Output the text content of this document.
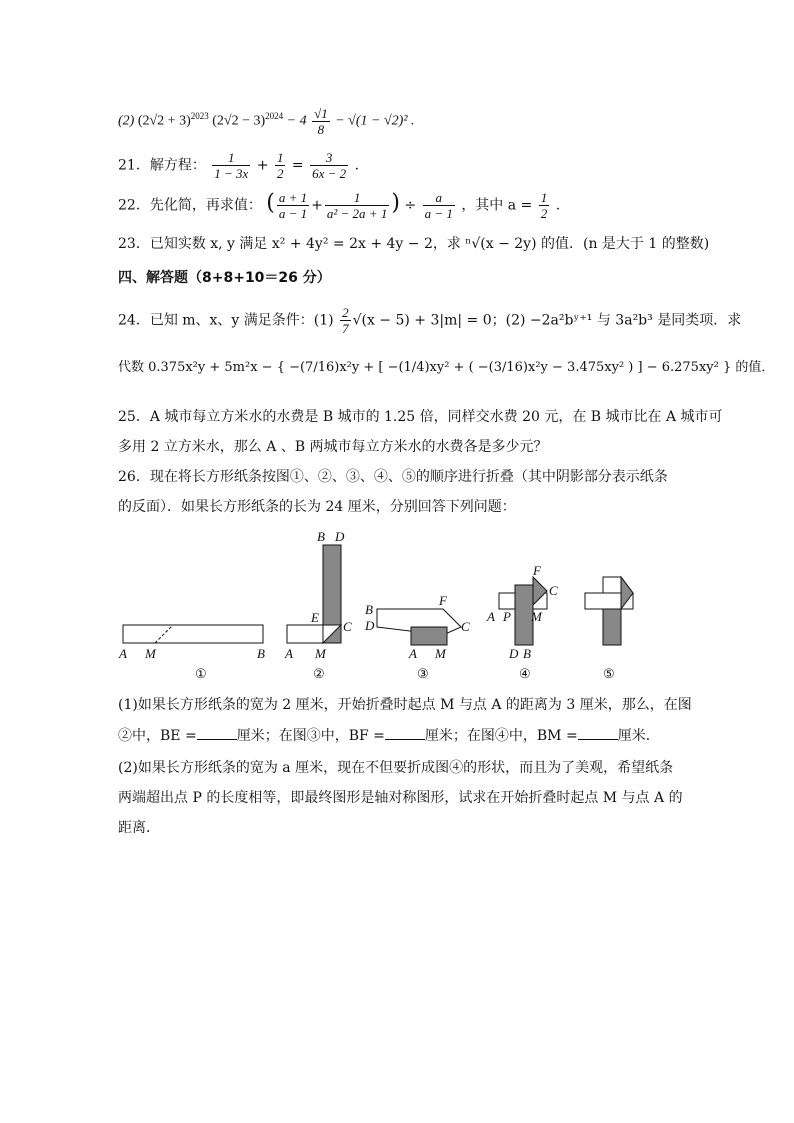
(2) $(2√2 + 3)^{2023}$ $(2√2 - 3)^{2024} - 4 \frac{√1}{8} - √(1 - √2)^2$ .
21．解方程： $\frac{1}{1 - 3x} + \frac{1}{2} = \frac{3}{6x - 2}$ .
22．先化简，再求值： ( $\frac{a + 1}{a - 1} + \frac{1}{\text{a² − 2a + 1}}$ ) ÷ $\frac{a}{a - 1}$ ，其中 $a = \frac{1}{2}$ .
23．已知实数 x, y 满足 x² + 4y² = 2x + 4y − 2，求 ⁿ√(x − 2y) 的值．(n 是大于 1 的整数)
四、解答题（8+8+10＝26 分）
24．已知 m、x、y 满足条件：$(1) \frac{2}{7} √(x - 5) + 3|m| = 0$；(2) −2a²bʸ⁺¹ 与 3a²b³ 是同类项．求
代数 0.375x²y + 5m²x − { −(7/16)x²y + [ −(1/4)xy² + ( −(3/16)x²y − 3.475xy² ) ] − 6.275xy² } 的值．
25．A 城市每立方米水的水费是 B 城市的 1.25 倍，同样交水费 20 元，在 B 城市比在 A 城市可
多用 2 立方米水，那么 A 、B 两城市每立方米水的水费各是多少元？
26．现在将长方形纸条按图①、②、③、④、⑤的顺序进行折叠（其中阴影部分表示纸条
的反面）．如果长方形纸条的长为 24 厘米，分别回答下列问题：
A M	B
①
B D
E
C
A M
②
B
D
F
C
A M
③
F
C
A P M
D B
④	⑤
(1)如果长方形纸条的宽为 2 厘米，开始折叠时起点 M 与点 A 的距离为 3 厘米，那么，在图
②中，BE =	厘米；在图③中，BF =	厘米；在图④中，BM =	厘米．
(2)如果长方形纸条的宽为 a 厘米，现在不但要折成图④的形状，而且为了美观，希望纸条
两端超出点 P 的长度相等，即最终图形是轴对称图形，试求在开始折叠时起点 M 与点 A 的
距离．
